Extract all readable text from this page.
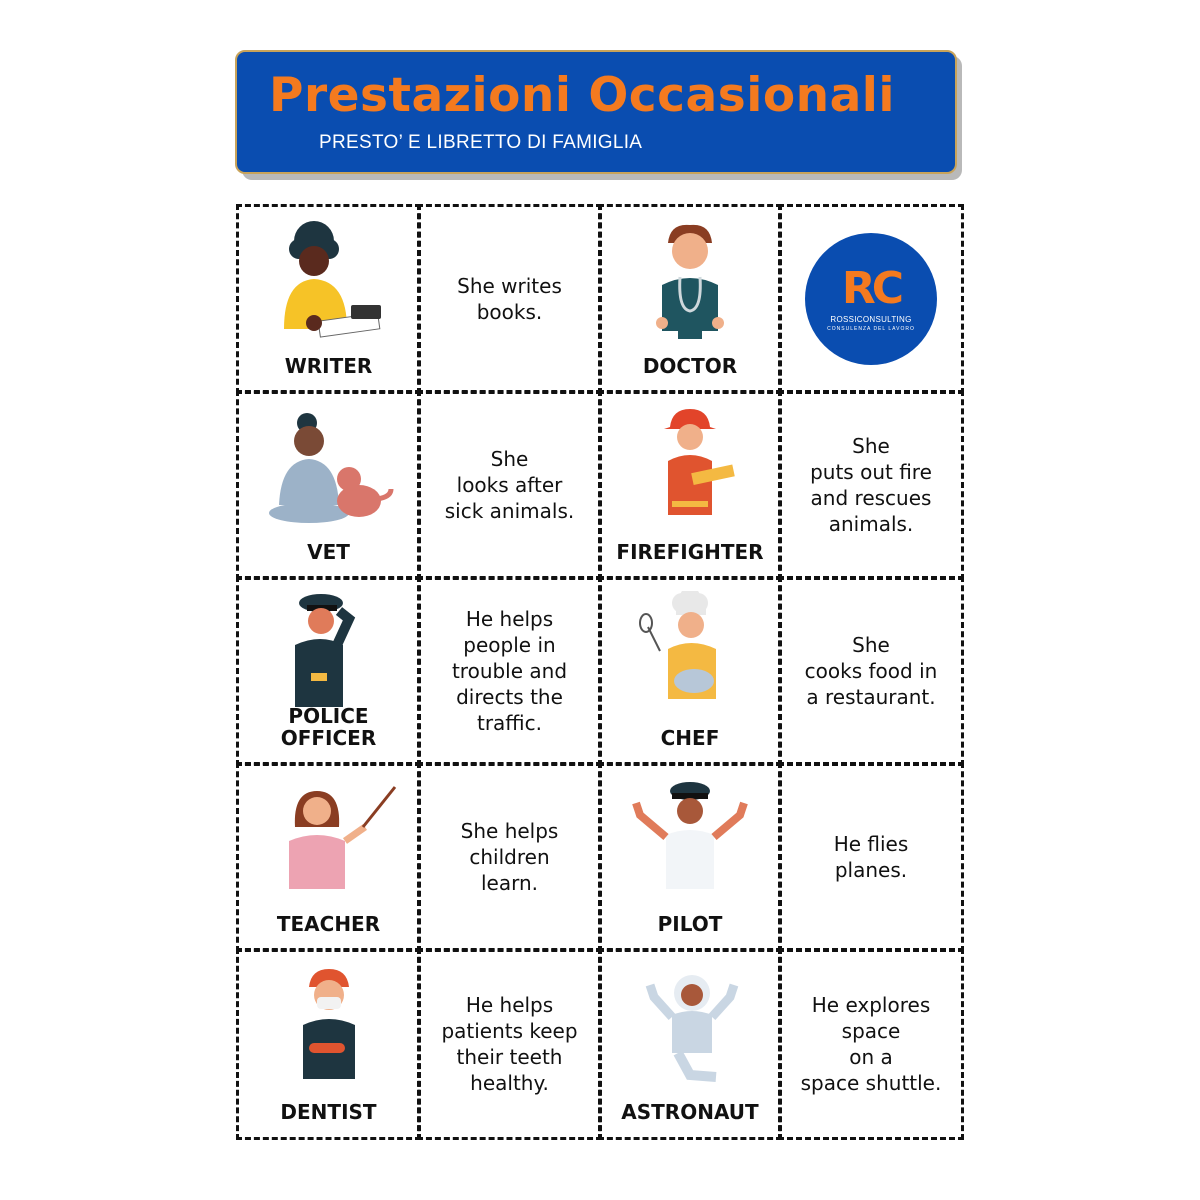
Prestazioni Occasionali
PRESTO’ E LIBRETTO DI FAMIGLIA
WRITER
She writes
books.
DOCTOR
RC
ROSSICONSULTING
CONSULENZA DEL LAVORO
VET
She
looks after
sick animals.
FIREFIGHTER
She
puts out fire
and rescues
animals.
POLICE
OFFICER
He helps
people in
trouble and
directs the
traffic.
CHEF
She
cooks food in
a restaurant.
TEACHER
She helps
children
learn.
PILOT
He flies
planes.
DENTIST
He helps
patients keep
their teeth
healthy.
ASTRONAUT
He explores
space
on a
space shuttle.
